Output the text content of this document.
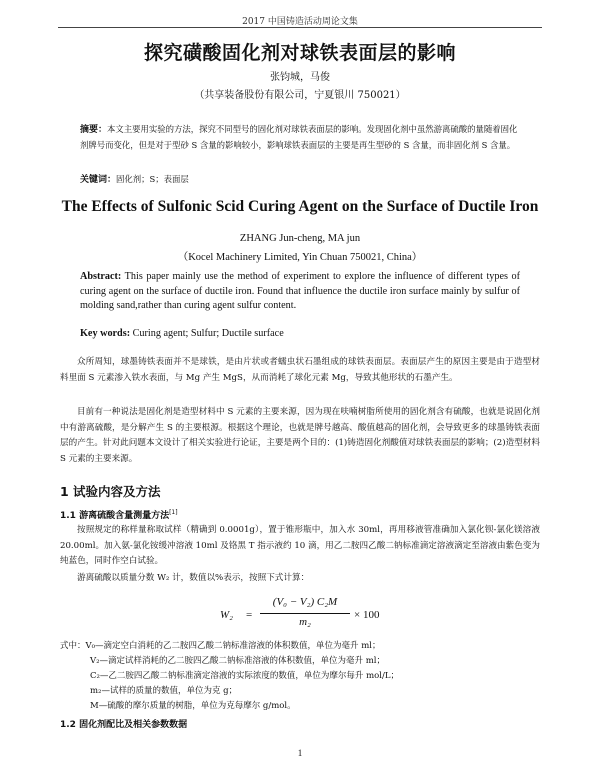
2017 中国铸造活动周论文集
探究磺酸固化剂对球铁表面层的影响
张钧城，马俊
（共享装备股份有限公司，宁夏银川 750021）
摘要：本文主要用实验的方法，探究不同型号的固化剂对球铁表面层的影响。发现固化剂中虽然游离硫酸的量随着固化剂牌号而变化，但是对于型砂 S 含量的影响较小，影响球铁表面层的主要是再生型砂的 S 含量，而非固化剂 S 含量。
关键词：固化剂；S；表面层
The Effects of Sulfonic Scid Curing Agent on the Surface of Ductile Iron
ZHANG Jun-cheng, MA jun
（Kocel Machinery Limited, Yin Chuan 750021, China）
Abstract: This paper mainly use the method of experiment to explore the influence of different types of curing agent on the surface of ductile iron. Found that influence the ductile iron surface mainly by sulfur of molding sand,rather than curing agent sulfur content.
Key words: Curing agent; Sulfur; Ductile surface
众所周知，球墨铸铁表面并不是球铁，是由片状或者蠕虫状石墨组成的球铁表面层。表面层产生的原因主要是由于造型材料里面 S 元素渗入铁水表面，与 Mg 产生 MgS，从而消耗了球化元素 Mg，导致其他形状的石墨产生。
目前有一种说法是固化剂是造型材料中 S 元素的主要来源，因为现在呋喃树脂所使用的固化剂含有硫酸，也就是说固化剂中有游离硫酸，是分解产生 S 的主要根源。根据这个理论，也就是牌号越高、酸值越高的固化剂，会导致更多的球墨铸铁表面层的产生。针对此问题本文设计了相关实验进行论证，主要是两个目的：(1)铸造固化剂酸值对球铁表面层的影响；(2)造型材料 S 元素的主要来源。
1 试验内容及方法
1.1 游离硫酸含量测量方法[1]
按照规定的称样量称取试样（精确到 0.0001g），置于锥形瓶中，加入水 30ml，再用移液管准确加入氯化钡-氯化镁溶液 20.00ml。加入氨-氯化铵缓冲溶液 10ml 及铬黑 T 指示液约 10 滴，用乙二胺四乙酸二钠标准滴定溶液滴定至溶液由紫色变为纯蓝色，同时作空白试验。
游离硫酸以质量分数 W₂ 计，数值以%表示，按照下式计算：
W₂ =
(V₀ − V₂) C₂M
m₂
× 100
式中：V₀—滴定空白消耗的乙二胺四乙酸二钠标准溶液的体积数值，单位为毫升 ml；
V₂—滴定试样消耗的乙二胺四乙酸二钠标准溶液的体积数值，单位为毫升 ml；
C₂—乙二胺四乙酸二钠标准滴定溶液的实际浓度的数值，单位为摩尔每升 mol/L；
m₂—试样的质量的数值，单位为克 g；
M—硫酸的摩尔质量的树脂，单位为克每摩尔 g/mol。
1.2 固化剂配比及相关参数数据
1
